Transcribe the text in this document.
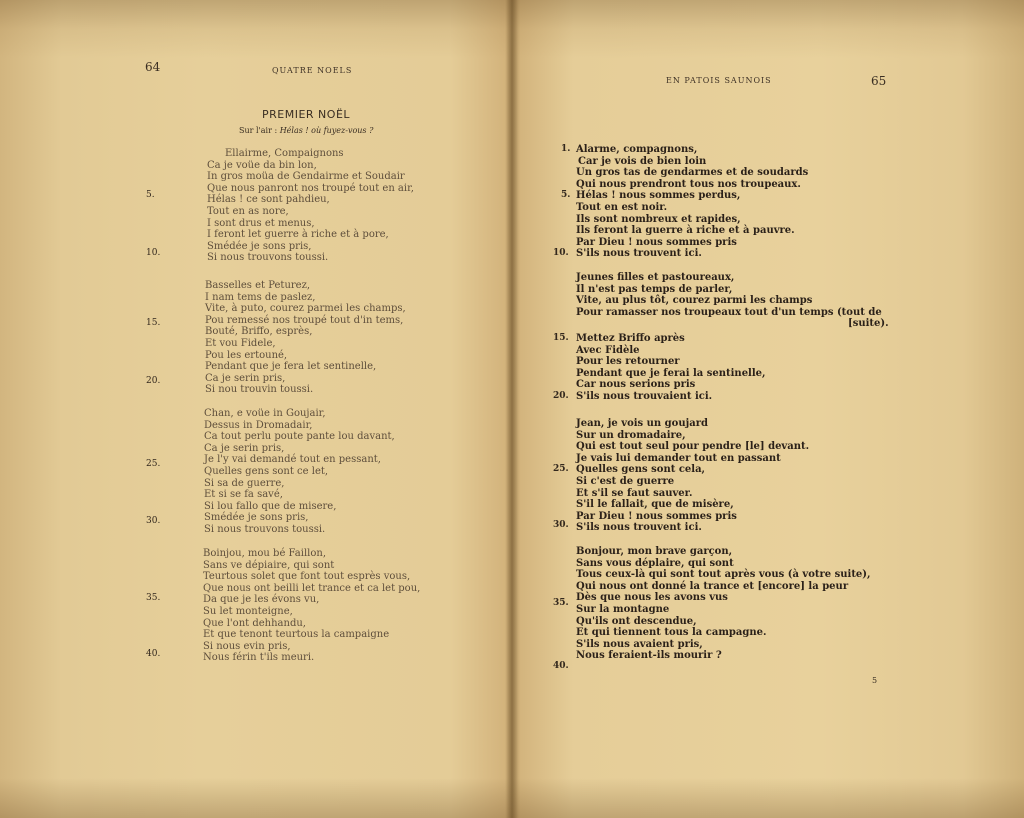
64	QUATRE NOELS
PREMIER NOËL
Sur l'air : Hélas ! où fuyez-vous ?
Ellairme, Compaignons
Ca je voüe da bin lon,
In gros moüa de Gendairme et Soudair
Que nous panront nos troupé tout en air,
Hélas ! ce sont pahdieu,
Tout en as nore,
I sont drus et menus,
I feront let guerre à riche et à pore,
Smédée je sons pris,
Si nous trouvons toussi.
Basselles et Peturez,
I nam tems de paslez,
Vite, à puto, courez parmei les champs,
Pou remessé nos troupé tout d'in tems,
Bouté, Briffo, esprès,
Et vou Fidele,
Pou les ertouné,
Pendant que je fera let sentinelle,
Ca je serin pris,
Si nou trouvin toussi.
Chan, e voüe in Goujair,
Dessus in Dromadair,
Ca tout perlu poute pante lou davant,
Ca je serin pris,
Je l'y vai demandé tout en pessant,
Quelles gens sont ce let,
Si sa de guerre,
Et si se fa savé,
Si lou fallo que de misere,
Smédée je sons pris,
Si nous trouvons toussi.
Boinjou, mou bé Faillon,
Sans ve dépiaire, qui sont
Teurtous solet que font tout esprès vous,
Que nous ont beilli let trance et ca let pou,
Da que je les évons vu,
Su let monteigne,
Que l'ont dehhandu,
Et que tenont teurtous la campaigne
Si nous evin pris,
Nous férin t'ils meuri.
5.
10.
15.
20.
25.
30.
35.
40.
EN PATOIS SAUNOIS	65
Alarme, compagnons,
Car je vois de bien loin
Un gros tas de gendarmes et de soudards
Qui nous prendront tous nos troupeaux.
Hélas ! nous sommes perdus,
Tout en est noir.
Ils sont nombreux et rapides,
Ils feront la guerre à riche et à pauvre.
Par Dieu ! nous sommes pris
S'ils nous trouvent ici.
Jeunes filles et pastoureaux,
Il n'est pas temps de parler,
Vite, au plus tôt, courez parmi les champs
Pour ramasser nos troupeaux tout d'un temps (tout de
[suite).
Mettez Briffo après
Avec Fidèle
Pour les retourner
Pendant que je ferai la sentinelle,
Car nous serions pris
S'ils nous trouvaient ici.
Jean, je vois un goujard
Sur un dromadaire,
Qui est tout seul pour pendre [le] devant.
Je vais lui demander tout en passant
Quelles gens sont cela,
Si c'est de guerre
Et s'il se faut sauver.
S'il le fallait, que de misère,
Par Dieu ! nous sommes pris
S'ils nous trouvent ici.
Bonjour, mon brave garçon,
Sans vous déplaire, qui sont
Tous ceux-là qui sont tout après vous (à votre suite),
Qui nous ont donné la trance et [encore] la peur
Dès que nous les avons vus
Sur la montagne
Qu'ils ont descendue,
Et qui tiennent tous la campagne.
S'ils nous avaient pris,
Nous feraient-ils mourir ?
1.
5.
10.
15.
20.
25.
30.
35.
40.
5
